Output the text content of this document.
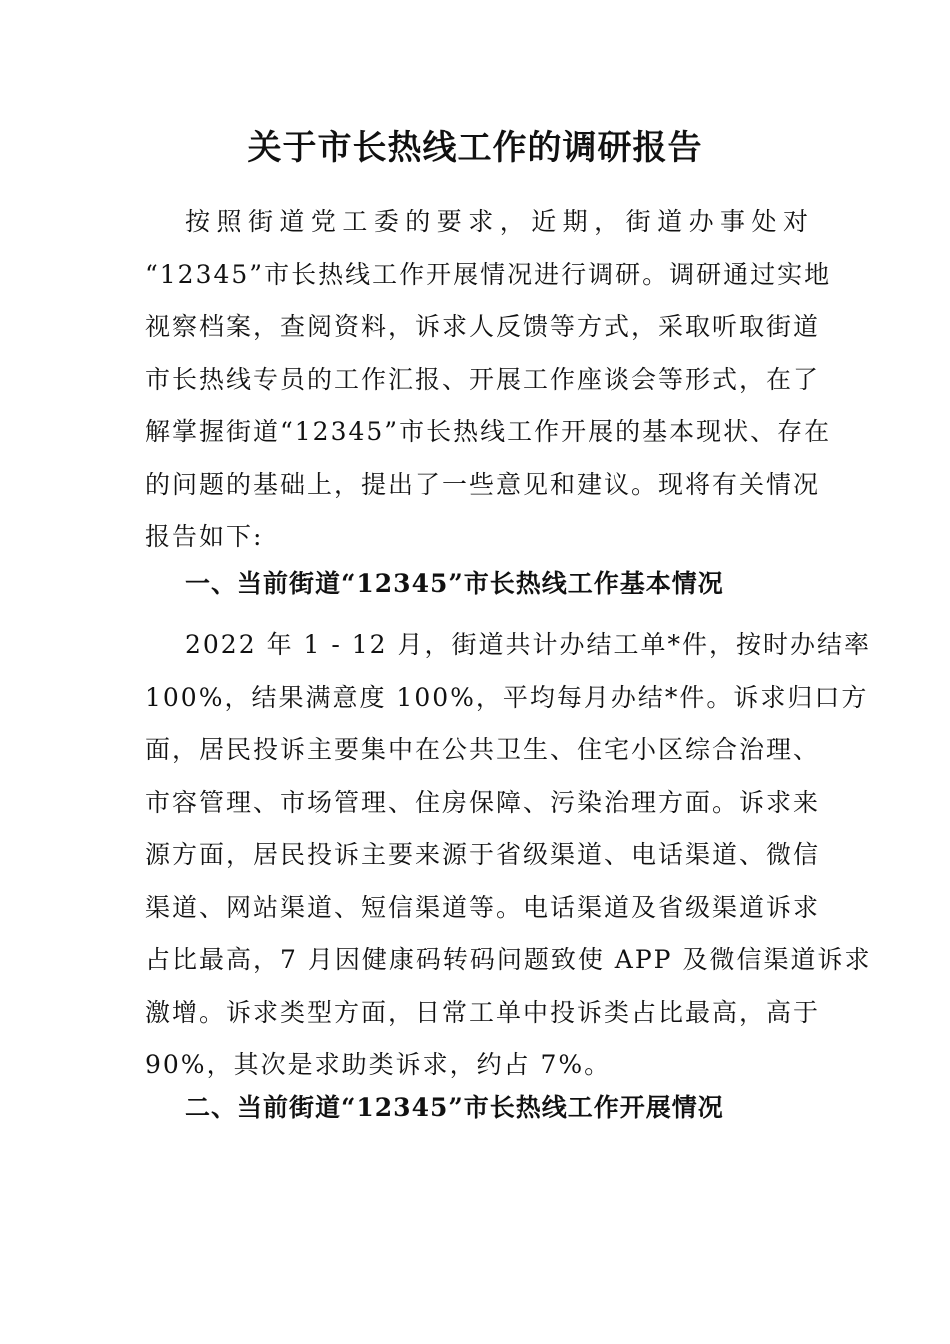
关于市长热线工作的调研报告
按照街道党工委的要求，近期，街道办事处对
“12345”市长热线工作开展情况进行调研。调研通过实地
视察档案，查阅资料，诉求人反馈等方式，采取听取街道
市长热线专员的工作汇报、开展工作座谈会等形式，在了
解掌握街道“12345”市长热线工作开展的基本现状、存在
的问题的基础上，提出了一些意见和建议。现将有关情况
报告如下:
一、当前街道“12345”市长热线工作基本情况
2022 年 1 - 12 月，街道共计办结工单*件，按时办结率
100%，结果满意度 100%，平均每月办结*件。诉求归口方
面，居民投诉主要集中在公共卫生、住宅小区综合治理、
市容管理、市场管理、住房保障、污染治理方面。诉求来
源方面，居民投诉主要来源于省级渠道、电话渠道、微信
渠道、网站渠道、短信渠道等。电话渠道及省级渠道诉求
占比最高，7 月因健康码转码问题致使 APP 及微信渠道诉求
激增。诉求类型方面，日常工单中投诉类占比最高，高于
90%，其次是求助类诉求，约占 7%。
二、当前街道“12345”市长热线工作开展情况
